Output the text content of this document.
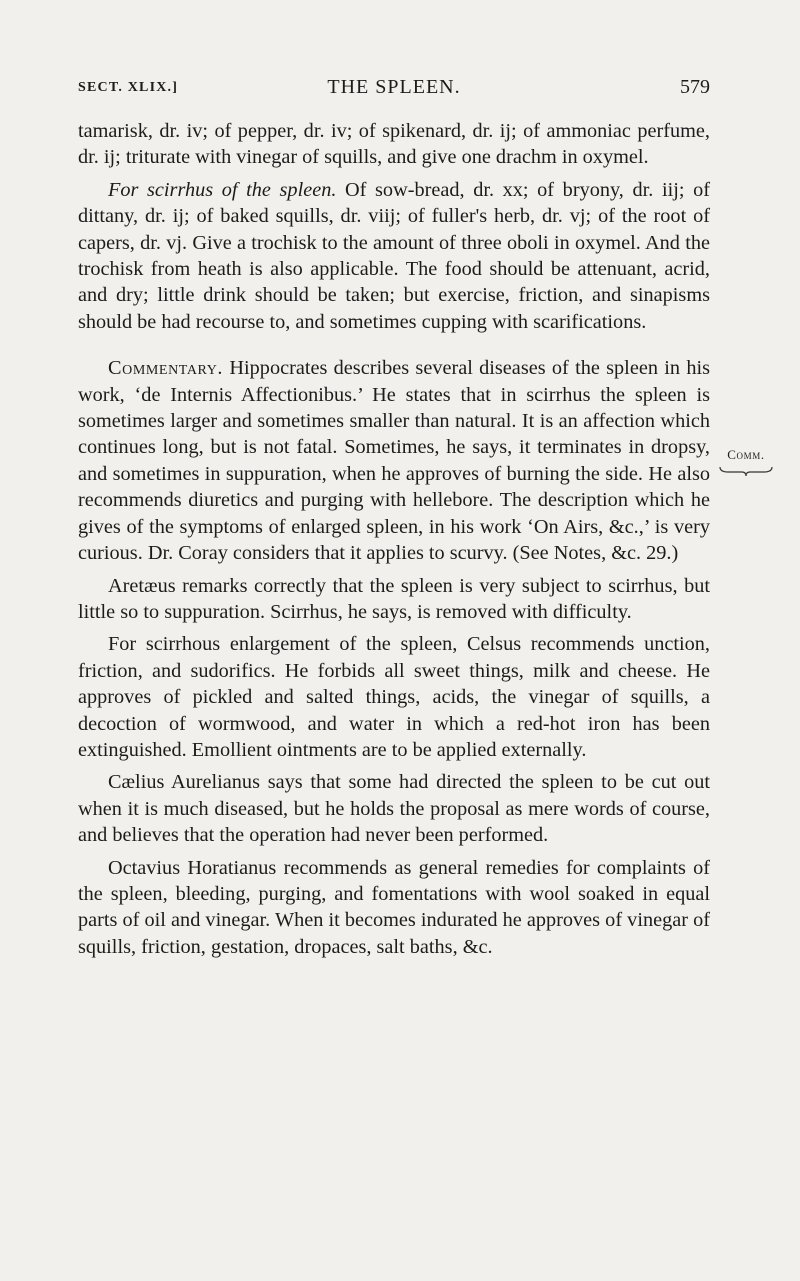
SECT. XLIX.]	THE SPLEEN.	579

tamarisk, dr. iv; of pepper, dr. iv; of spikenard, dr. ij; of ammoniac perfume, dr. ij; triturate with vinegar of squills, and give one drachm in oxymel.

For scirrhus of the spleen. Of sow-bread, dr. xx; of bryony, dr. iij; of dittany, dr. ij; of baked squills, dr. viij; of fuller's herb, dr. vj; of the root of capers, dr. vj. Give a trochisk to the amount of three oboli in oxymel. And the trochisk from heath is also applicable. The food should be attenuant, acrid, and dry; little drink should be taken; but exercise, friction, and sinapisms should be had recourse to, and sometimes cupping with scarifications.

Commentary. Hippocrates describes several diseases of the spleen in his work, ‘de Internis Affectionibus.’ He states that in scirrhus the spleen is sometimes larger and sometimes smaller than natural. It is an affection which continues long, but is not fatal. Sometimes, he says, it terminates in dropsy, and sometimes in suppuration, when he approves of burning the side. He also recommends diuretics and purging with hellebore. The description which he gives of the symptoms of enlarged spleen, in his work ‘On Airs, &c.,’ is very curious. Dr. Coray considers that it applies to scurvy. (See Notes, &c. 29.)

Aretæus remarks correctly that the spleen is very subject to scirrhus, but little so to suppuration. Scirrhus, he says, is removed with difficulty.

For scirrhous enlargement of the spleen, Celsus recommends unction, friction, and sudorifics. He forbids all sweet things, milk and cheese. He approves of pickled and salted things, acids, the vinegar of squills, a decoction of wormwood, and water in which a red-hot iron has been extinguished. Emollient ointments are to be applied externally.

Cælius Aurelianus says that some had directed the spleen to be cut out when it is much diseased, but he holds the proposal as mere words of course, and believes that the operation had never been performed.

Octavius Horatianus recommends as general remedies for complaints of the spleen, bleeding, purging, and fomentations with wool soaked in equal parts of oil and vinegar. When it becomes indurated he approves of vinegar of squills, friction, gestation, dropaces, salt baths, &c.

Comm.
